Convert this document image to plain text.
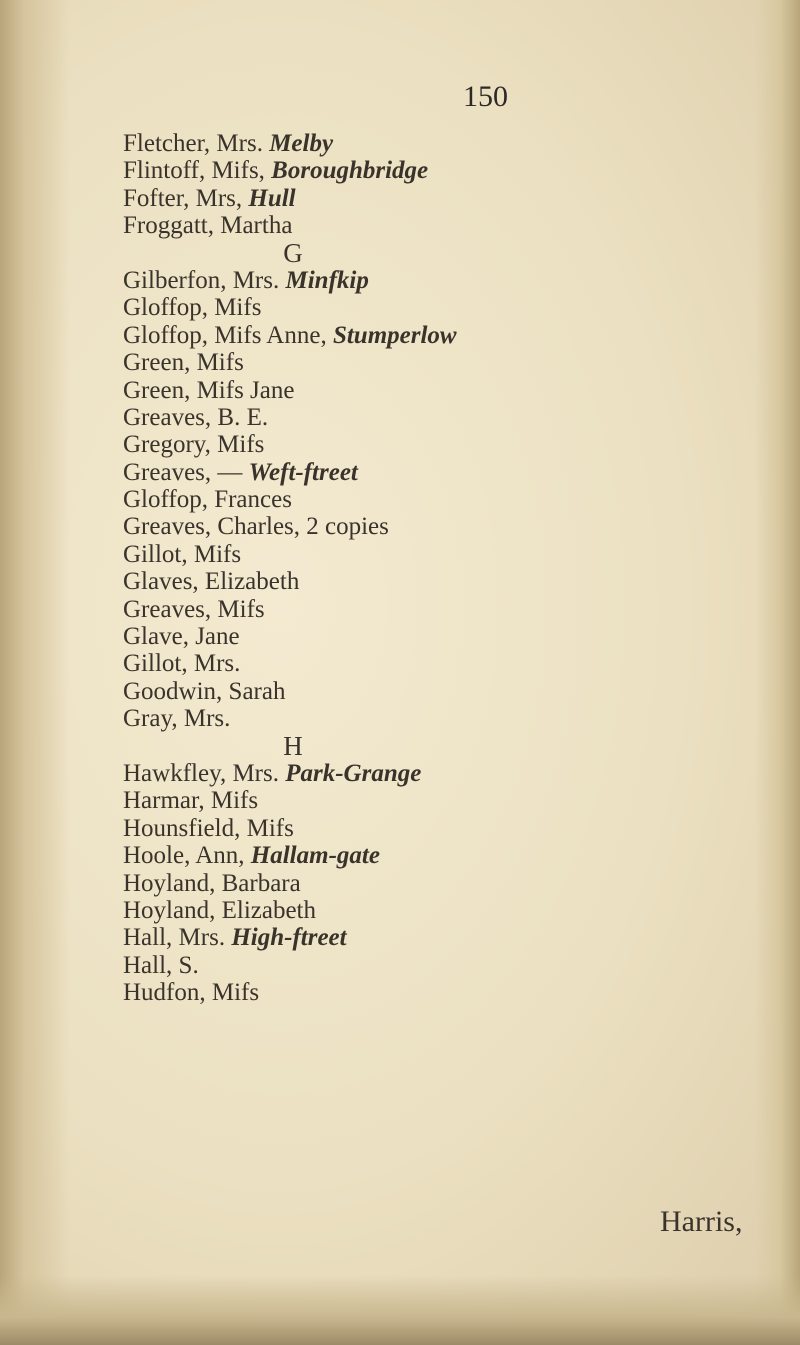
150
Fletcher, Mrs. Melby
Flintoff, Mifs, Boroughbridge
Fofter, Mrs, Hull
Froggatt, Martha
G
Gilberfon, Mrs. Minfkip
Gloffop, Mifs
Gloffop, Mifs Anne, Stumperlow
Green, Mifs
Green, Mifs Jane
Greaves, B. E.
Gregory, Mifs
Greaves, — Weft-ftreet
Gloffop, Frances
Greaves, Charles, 2 copies
Gillot, Mifs
Glaves, Elizabeth
Greaves, Mifs
Glave, Jane
Gillot, Mrs.
Goodwin, Sarah
Gray, Mrs.
H
Hawkfley, Mrs. Park-Grange
Harmar, Mifs
Hounsfield, Mifs
Hoole, Ann, Hallam-gate
Hoyland, Barbara
Hoyland, Elizabeth
Hall, Mrs. High-ftreet
Hall, S.
Hudfon, Mifs
Harris,
